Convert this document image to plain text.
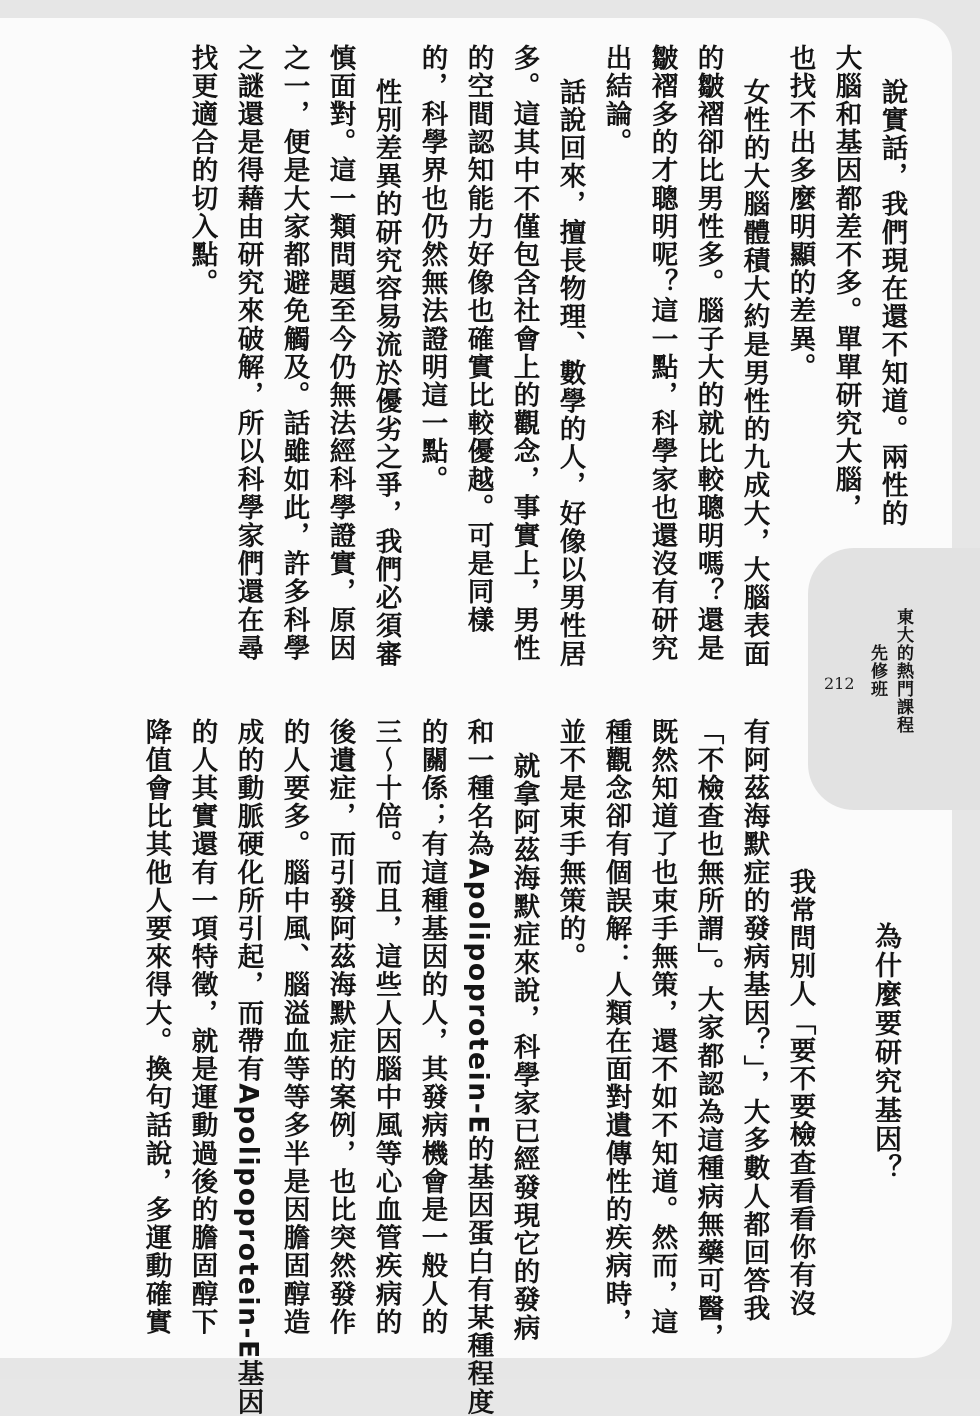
東大的熱門課程
先修班
212
說實話，我們現在還不知道。兩性的
大腦和基因都差不多。單單研究大腦，
也找不出多麼明顯的差異。
女性的大腦體積大約是男性的九成大，大腦表面
的皺褶卻比男性多。腦子大的就比較聰明嗎？還是
皺褶多的才聰明呢？這一點，科學家也還沒有研究
出結論。
話說回來，擅長物理、數學的人，好像以男性居
多。這其中不僅包含社會上的觀念，事實上，男性
的空間認知能力好像也確實比較優越。可是同樣
的，科學界也仍然無法證明這一點。
性別差異的研究容易流於優劣之爭，我們必須審
慎面對。這一類問題至今仍無法經科學證實，原因
之一，便是大家都避免觸及。話雖如此，許多科學
之謎還是得藉由研究來破解，所以科學家們還在尋
找更適合的切入點。
為什麼要研究基因？
我常問別人「要不要檢查看看你有沒
有阿茲海默症的發病基因？」，大多數人都回答我
「不檢查也無所謂」。大家都認為這種病無藥可醫，
既然知道了也束手無策，還不如不知道。然而，這
種觀念卻有個誤解：人類在面對遺傳性的疾病時，
並不是束手無策的。
就拿阿茲海默症來說，科學家已經發現它的發病
和一種名為Apolipoprotein-E的基因蛋白有某種程度
的關係；有這種基因的人，其發病機會是一般人的
三～十倍。而且，這些人因腦中風等心血管疾病的
後遺症，而引發阿茲海默症的案例，也比突然發作
的人要多。腦中風、腦溢血等等多半是因膽固醇造
成的動脈硬化所引起，而帶有Apolipoprotein-E基因
的人其實還有一項特徵，就是運動過後的膽固醇下
降值會比其他人要來得大。換句話說，多運動確實
